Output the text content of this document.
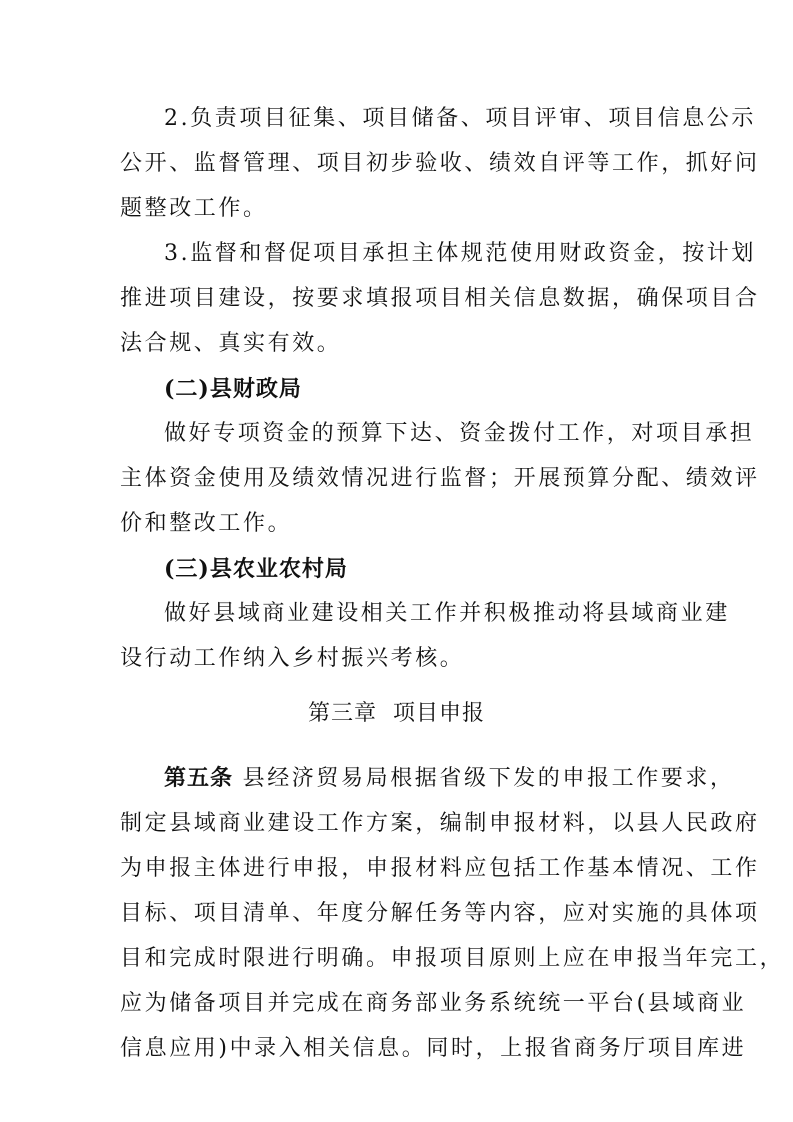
2.负责项目征集、项目储备、项目评审、项目信息公示
公开、监督管理、项目初步验收、绩效自评等工作，抓好问
题整改工作。
3.监督和督促项目承担主体规范使用财政资金，按计划
推进项目建设，按要求填报项目相关信息数据，确保项目合
法合规、真实有效。
(二)县财政局
做好专项资金的预算下达、资金拨付工作，对项目承担
主体资金使用及绩效情况进行监督；开展预算分配、绩效评
价和整改工作。
(三)县农业农村局
做好县域商业建设相关工作并积极推动将县域商业建
设行动工作纳入乡村振兴考核。
第三章  项目申报
第五条 县经济贸易局根据省级下发的申报工作要求，
制定县域商业建设工作方案，编制申报材料，以县人民政府
为申报主体进行申报，申报材料应包括工作基本情况、工作
目标、项目清单、年度分解任务等内容，应对实施的具体项
目和完成时限进行明确。申报项目原则上应在申报当年完工，
应为储备项目并完成在商务部业务系统统一平台(县域商业
信息应用)中录入相关信息。同时，上报省商务厅项目库进
